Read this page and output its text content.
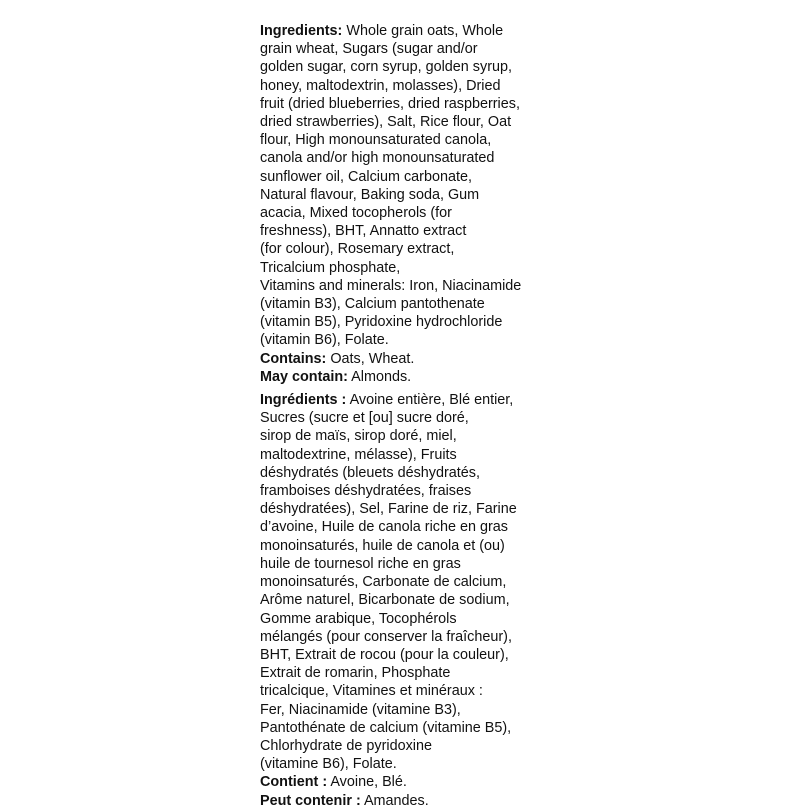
Ingredients: Whole grain oats, Whole
grain wheat, Sugars (sugar and/or
golden sugar, corn syrup, golden syrup,
honey, maltodextrin, molasses), Dried
fruit (dried blueberries, dried raspberries,
dried strawberries), Salt, Rice flour, Oat
flour, High monounsaturated canola,
canola and/or high monounsaturated
sunflower oil, Calcium carbonate,
Natural flavour, Baking soda, Gum
acacia, Mixed tocopherols (for
freshness), BHT, Annatto extract
(for colour), Rosemary extract,
Tricalcium phosphate,
Vitamins and minerals: Iron, Niacinamide
(vitamin B3), Calcium pantothenate
(vitamin B5), Pyridoxine hydrochloride
(vitamin B6), Folate.
Contains: Oats, Wheat.
May contain: Almonds.
Ingrédients : Avoine entière, Blé entier,
Sucres (sucre et [ou] sucre doré,
sirop de maïs, sirop doré, miel,
maltodextrine, mélasse), Fruits
déshydratés (bleuets déshydratés,
framboises déshydratées, fraises
déshydratées), Sel, Farine de riz, Farine
d’avoine, Huile de canola riche en gras
monoinsaturés, huile de canola et (ou)
huile de tournesol riche en gras
monoinsaturés, Carbonate de calcium,
Arôme naturel, Bicarbonate de sodium,
Gomme arabique, Tocophérols
mélangés (pour conserver la fraîcheur),
BHT, Extrait de rocou (pour la couleur),
Extrait de romarin, Phosphate
tricalcique, Vitamines et minéraux :
Fer, Niacinamide (vitamine B3),
Pantothénate de calcium (vitamine B5),
Chlorhydrate de pyridoxine
(vitamine B6), Folate.
Contient : Avoine, Blé.
Peut contenir : Amandes.
